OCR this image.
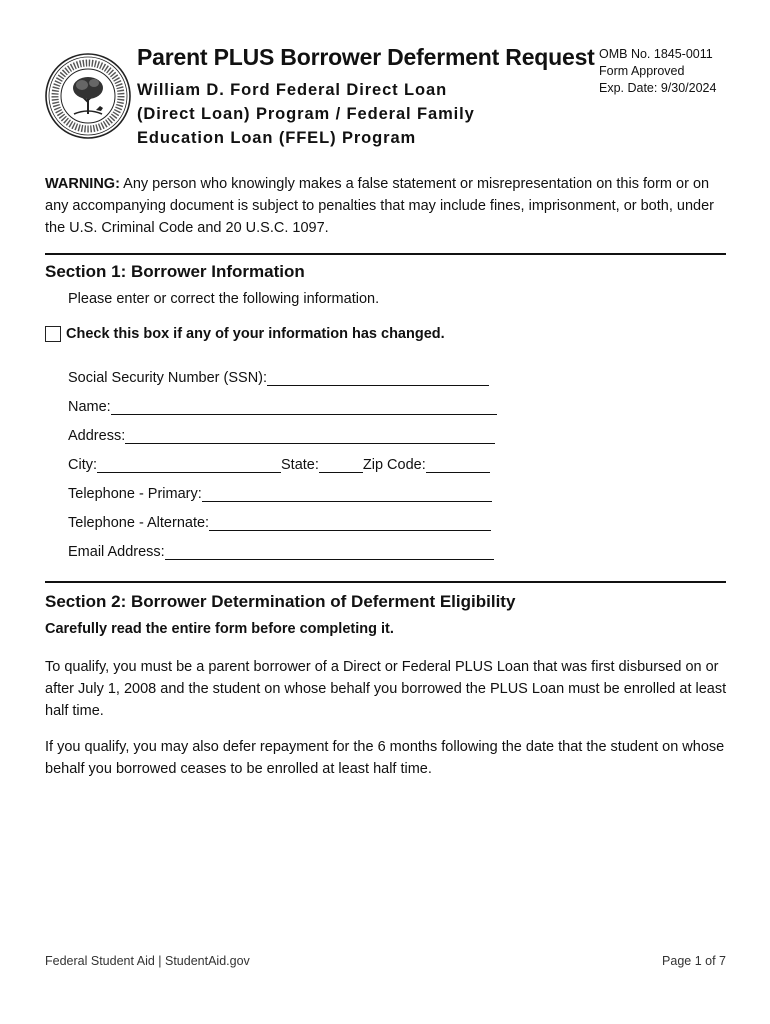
Parent PLUS Borrower Deferment Request
William D. Ford Federal Direct Loan
(Direct Loan) Program / Federal Family
Education Loan (FFEL) Program
OMB No. 1845-0011
Form Approved
Exp. Date: 9/30/2024
WARNING: Any person who knowingly makes a false statement or misrepresentation on this form or on any accompanying document is subject to penalties that may include fines, imprisonment, or both, under the U.S. Criminal Code and 20 U.S.C. 1097.
Section 1: Borrower Information
Please enter or correct the following information.
Check this box if any of your information has changed.
Social Security Number (SSN):
Name:
Address:
City:	State:	Zip Code:
Telephone - Primary:
Telephone - Alternate:
Email Address:
Section 2: Borrower Determination of Deferment Eligibility
Carefully read the entire form before completing it.
To qualify, you must be a parent borrower of a Direct or Federal PLUS Loan that was first disbursed on or after July 1, 2008 and the student on whose behalf you borrowed the PLUS Loan must be enrolled at least half time.
If you qualify, you may also defer repayment for the 6 months following the date that the student on whose behalf you borrowed ceases to be enrolled at least half time.
Federal Student Aid | StudentAid.gov	Page 1 of 7
